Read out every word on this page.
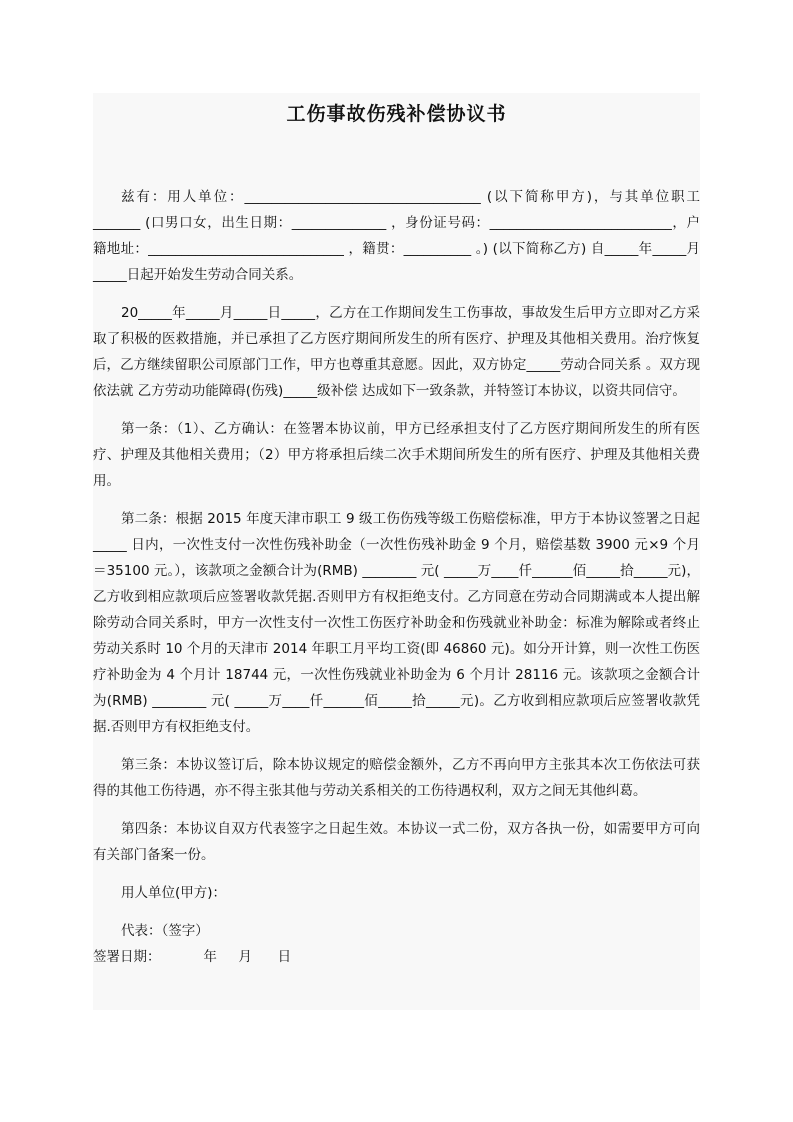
工伤事故伤残补偿协议书

兹有：用人单位：___________________________________ (以下简称甲方)，与其单位职工_______ (口男口女，出生日期：______________ ，身份证号码：___________________________，户籍地址：_____________________________ ，籍贯：__________ 。) (以下简称乙方) 自_____年_____月_____日起开始发生劳动合同关系。

20_____年_____月_____日_____，乙方在工作期间发生工伤事故，事故发生后甲方立即对乙方采取了积极的医救措施，并已承担了乙方医疗期间所发生的所有医疗、护理及其他相关费用。治疗恢复后，乙方继续留职公司原部门工作，甲方也尊重其意愿。因此，双方协定_____劳动合同关系 。双方现依法就 乙方劳动功能障碍(伤残)_____级补偿 达成如下一致条款，并特签订本协议，以资共同信守。

第一条：（1）、乙方确认：在签署本协议前，甲方已经承担支付了乙方医疗期间所发生的所有医疗、护理及其他相关费用；（2）甲方将承担后续二次手术期间所发生的所有医疗、护理及其他相关费用。

第二条：根据 2015 年度天津市职工 9 级工伤伤残等级工伤赔偿标准，甲方于本协议签署之日起_____ 日内，一次性支付一次性伤残补助金（一次性伤残补助金 9 个月，赔偿基数 3900 元×9 个月＝35100 元。），该款项之金额合计为(RMB) ________ 元( _____万____仟______佰_____拾_____元)，乙方收到相应款项后应签署收款凭据.否则甲方有权拒绝支付。乙方同意在劳动合同期满或本人提出解除劳动合同关系时，甲方一次性支付一次性工伤医疗补助金和伤残就业补助金：标准为解除或者终止劳动关系时 10 个月的天津市 2014 年职工月平均工资(即 46860 元)。如分开计算，则一次性工伤医疗补助金为 4 个月计 18744 元，一次性伤残就业补助金为 6 个月计 28116 元。该款项之金额合计为(RMB) ________ 元( _____万____仟______佰_____拾_____元)。乙方收到相应款项后应签署收款凭据.否则甲方有权拒绝支付。

第三条：本协议签订后，除本协议规定的赔偿金额外，乙方不再向甲方主张其本次工伤依法可获得的其他工伤待遇，亦不得主张其他与劳动关系相关的工伤待遇权利，双方之间无其他纠葛。

第四条：本协议自双方代表签字之日起生效。本协议一式二份，双方各执一份，如需要甲方可向有关部门备案一份。

用人单位(甲方)：

代表：（签字）

签署日期：          年     月      日
